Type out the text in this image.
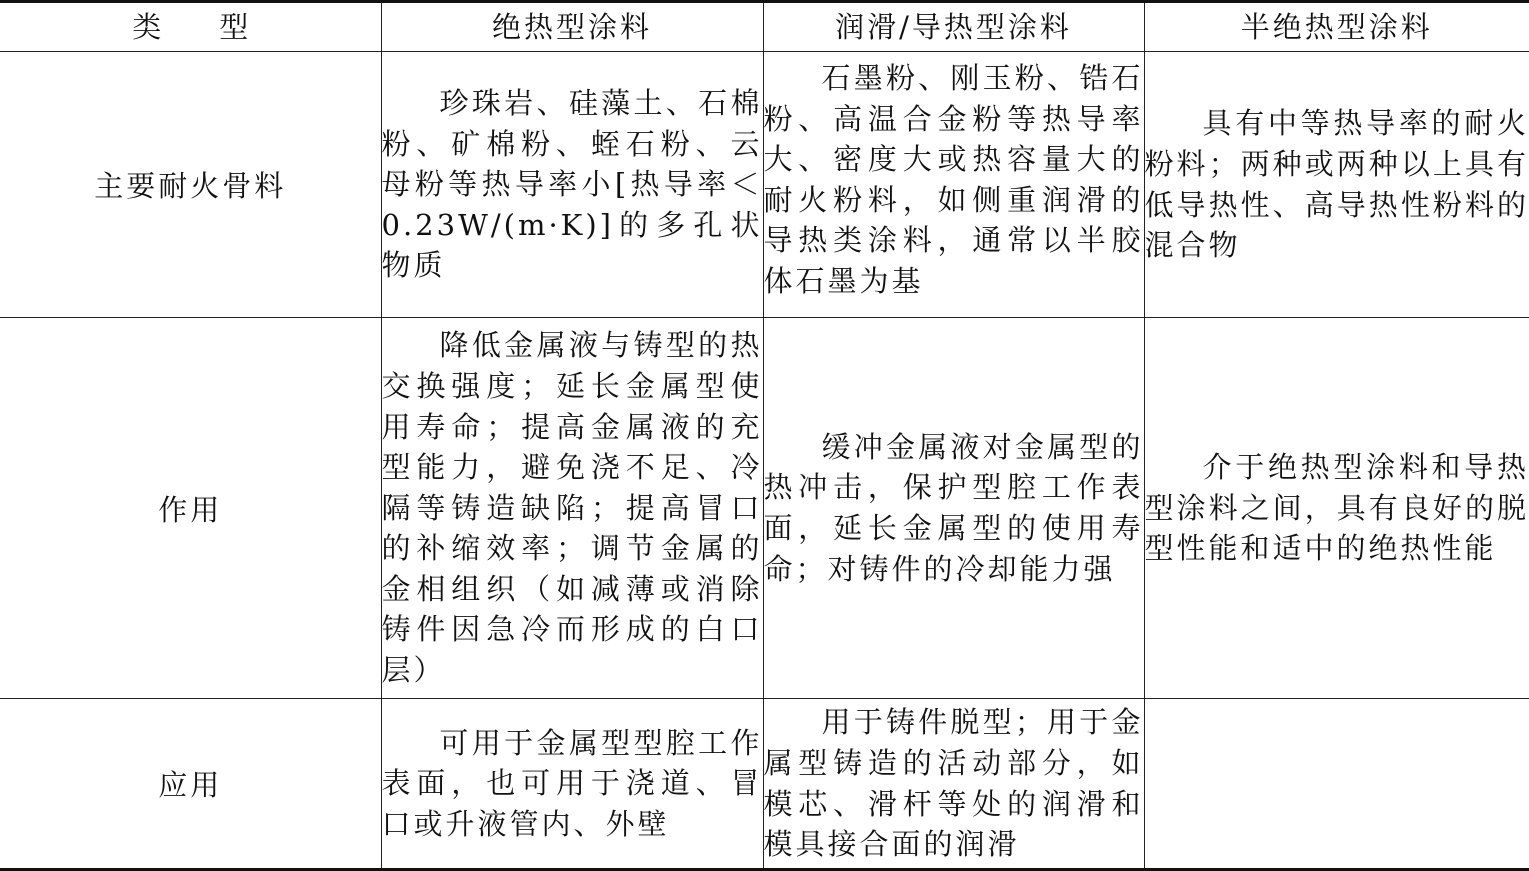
类 型	绝热型涂料	润滑/导热型涂料	半绝热型涂料
主要耐火骨料	珍珠岩、硅藻土、石棉粉、矿棉粉、蛭石粉、云母粉等热导率小[热导率＜0.23W/(m·K)]的多孔状物质	石墨粉、刚玉粉、锆石粉、高温合金粉等热导率大、密度大或热容量大的耐火粉料，如侧重润滑的导热类涂料，通常以半胶体石墨为基	具有中等热导率的耐火粉料；两种或两种以上具有低导热性、高导热性粉料的混合物

作用	降低金属液与铸型的热交换强度；延长金属型使用寿命；提高金属液的充型能力，避免浇不足、冷隔等铸造缺陷；提高冒口的补缩效率；调节金属的金相组织（如减薄或消除铸件因急冷而形成的白口层）	缓冲金属液对金属型的热冲击，保护型腔工作表面，延长金属型的使用寿命；对铸件的冷却能力强	介于绝热型涂料和导热型涂料之间，具有良好的脱型性能和适中的绝热性能

应用	可用于金属型型腔工作表面，也可用于浇道、冒口或升液管内、外壁	用于铸件脱型；用于金属型铸造的活动部分，如模芯、滑杆等处的润滑和模具接合面的润滑	
